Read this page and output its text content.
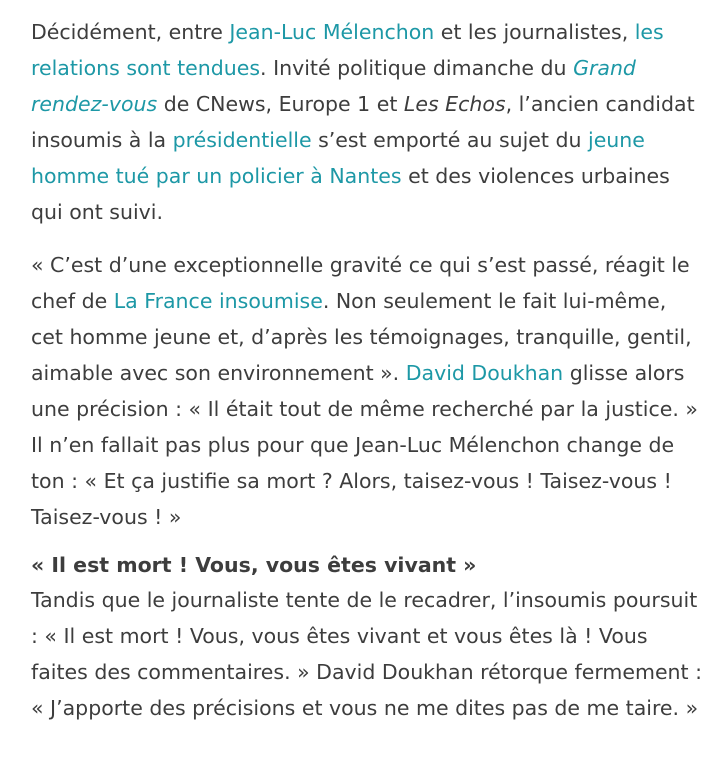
Décidément, entre Jean-Luc Mélenchon et les journalistes, les relations sont tendues. Invité politique dimanche du Grand rendez-vous de CNews, Europe 1 et Les Echos, l’ancien candidat insoumis à la présidentielle s’est emporté au sujet du jeune homme tué par un policier à Nantes et des violences urbaines qui ont suivi.

« C’est d’une exceptionnelle gravité ce qui s’est passé, réagit le chef de La France insoumise. Non seulement le fait lui-même, cet homme jeune et, d’après les témoignages, tranquille, gentil, aimable avec son environnement ». David Doukhan glisse alors une précision : « Il était tout de même recherché par la justice. » Il n’en fallait pas plus pour que Jean-Luc Mélenchon change de ton : « Et ça justifie sa mort ? Alors, taisez-vous ! Taisez-vous ! Taisez-vous ! »

« Il est mort ! Vous, vous êtes vivant »

Tandis que le journaliste tente de le recadrer, l’insoumis poursuit : « Il est mort ! Vous, vous êtes vivant et vous êtes là ! Vous faites des commentaires. » David Doukhan rétorque fermement : « J’apporte des précisions et vous ne me dites pas de me taire. »
